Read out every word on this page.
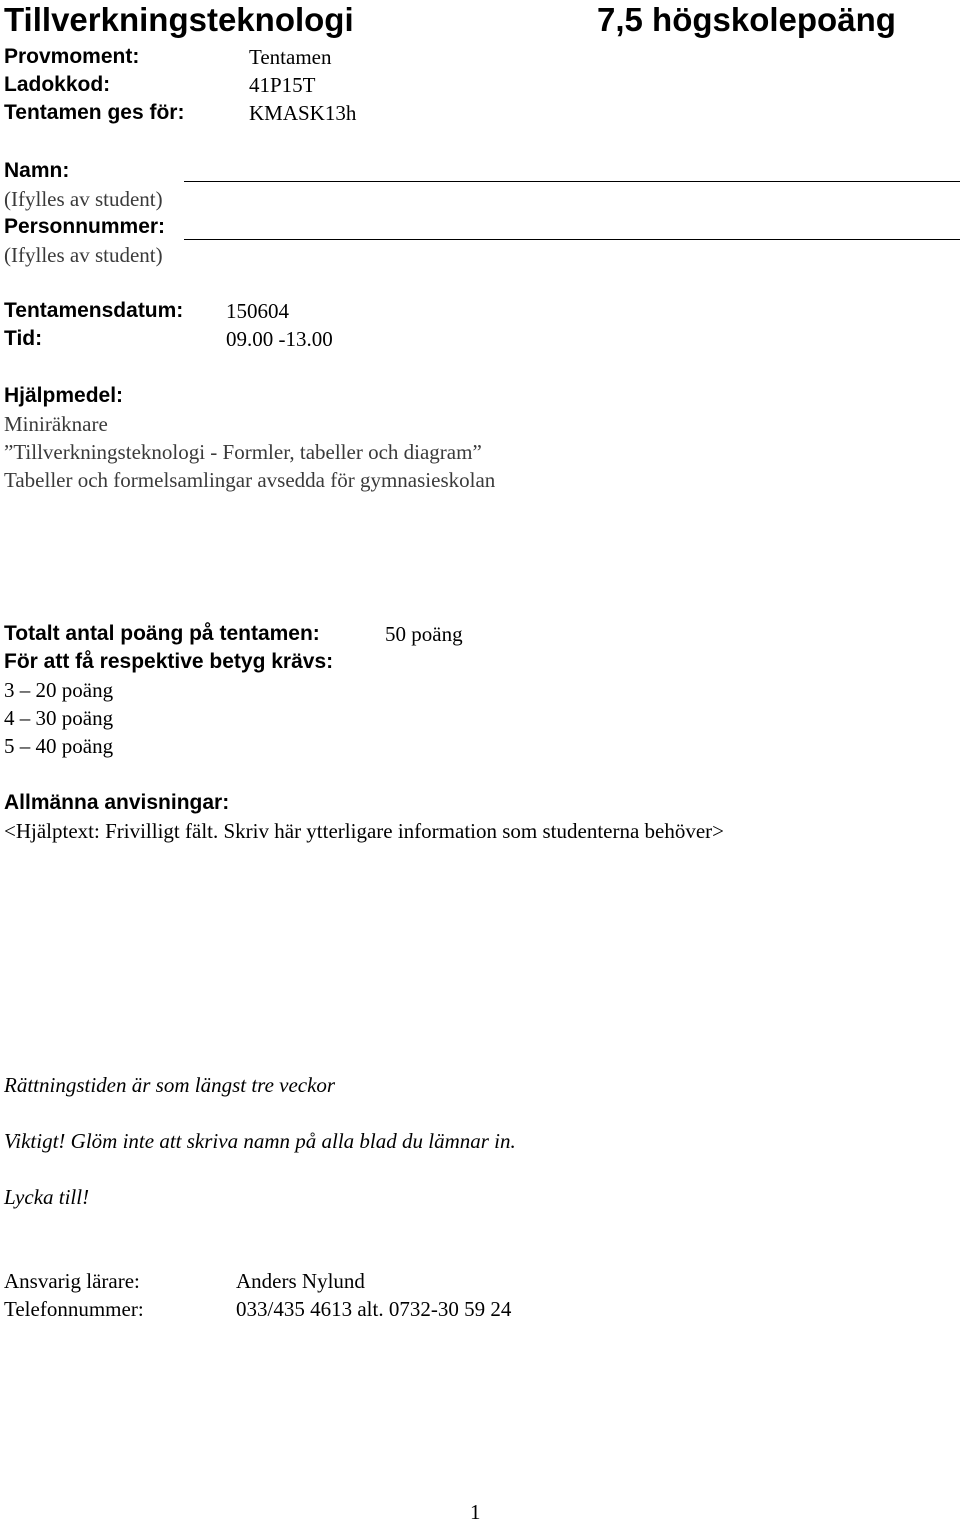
Tillverkningsteknologi	7,5 högskolepoäng
Provmoment:	Tentamen
Ladokkod:	41P15T
Tentamen ges för:	KMASK13h
Namn:
(Ifylles av student)
Personnummer:
(Ifylles av student)
Tentamensdatum: 150604
Tid:	09.00 -13.00
Hjälpmedel:
Miniräknare
”Tillverkningsteknologi - Formler, tabeller och diagram”
Tabeller och formelsamlingar avsedda för gymnasieskolan
Totalt antal poäng på tentamen:	50 poäng
För att få respektive betyg krävs:
3 – 20 poäng
4 – 30 poäng
5 – 40 poäng
Allmänna anvisningar:
<Hjälptext: Frivilligt fält. Skriv här ytterligare information som studenterna behöver>
Rättningstiden är som längst tre veckor
Viktigt! Glöm inte att skriva namn på alla blad du lämnar in.
Lycka till!
Ansvarig lärare:	Anders Nylund
Telefonnummer:	033/435 4613 alt. 0732-30 59 24
1
